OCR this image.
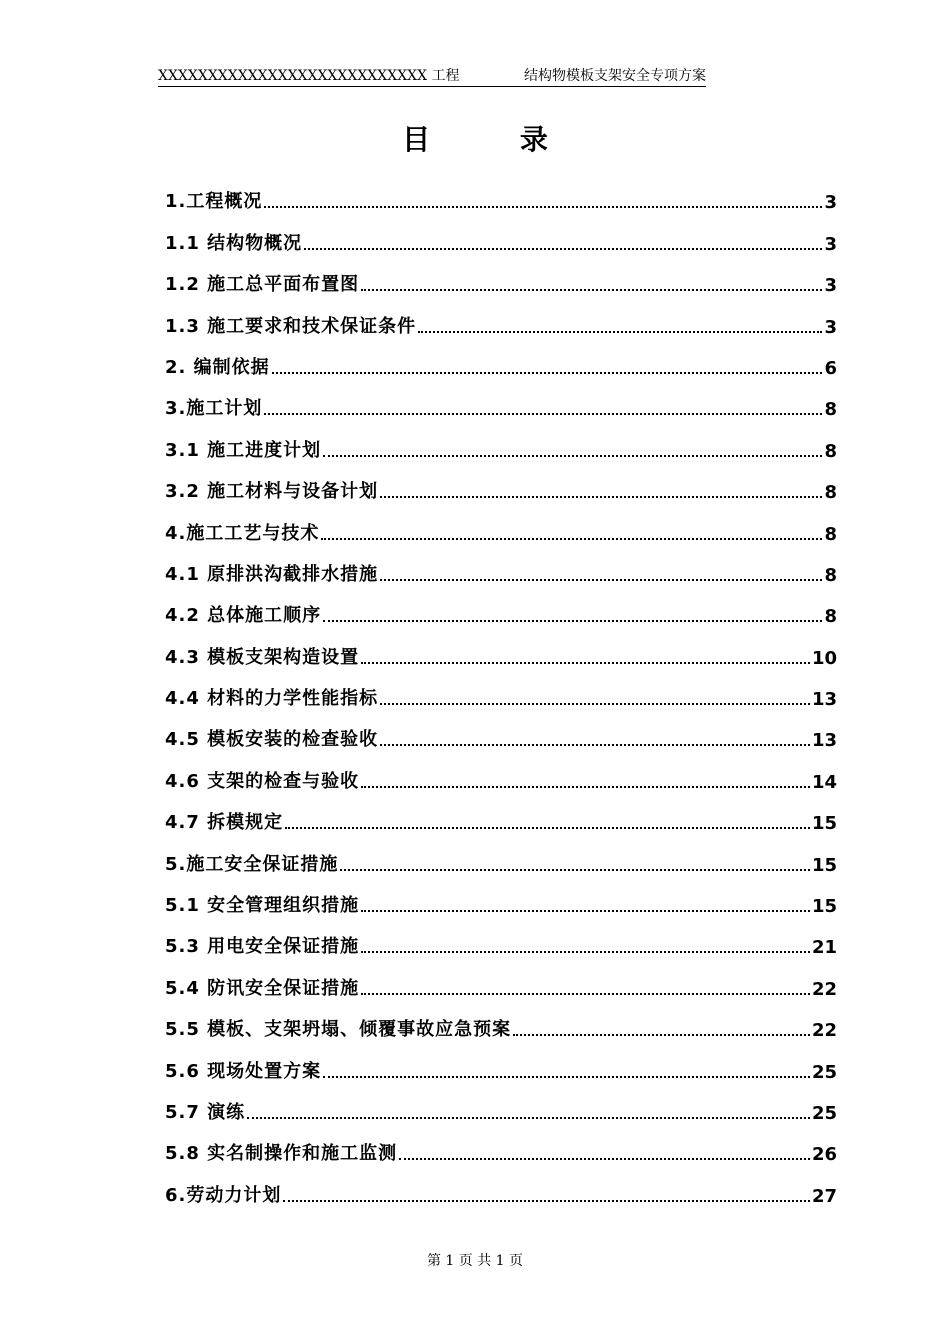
XXXXXXXXXXXXXXXXXXXXXXXXXXX 工程	结构物模板支架安全专项方案
目 录
1.工程概况	3
1.1 结构物概况	3
1.2 施工总平面布置图	3
1.3 施工要求和技术保证条件	3
2. 编制依据	6
3.施工计划	8
3.1 施工进度计划	8
3.2 施工材料与设备计划	8
4.施工工艺与技术	8
4.1 原排洪沟截排水措施	8
4.2 总体施工顺序	8
4.3 模板支架构造设置	10
4.4 材料的力学性能指标	13
4.5 模板安装的检查验收	13
4.6 支架的检查与验收	14
4.7 拆模规定	15
5.施工安全保证措施	15
5.1 安全管理组织措施	15
5.3 用电安全保证措施	21
5.4 防讯安全保证措施	22
5.5 模板、支架坍塌、倾覆事故应急预案	22
5.6 现场处置方案	25
5.7 演练	25
5.8 实名制操作和施工监测	26
6.劳动力计划	27
第 1 页 共 1 页
